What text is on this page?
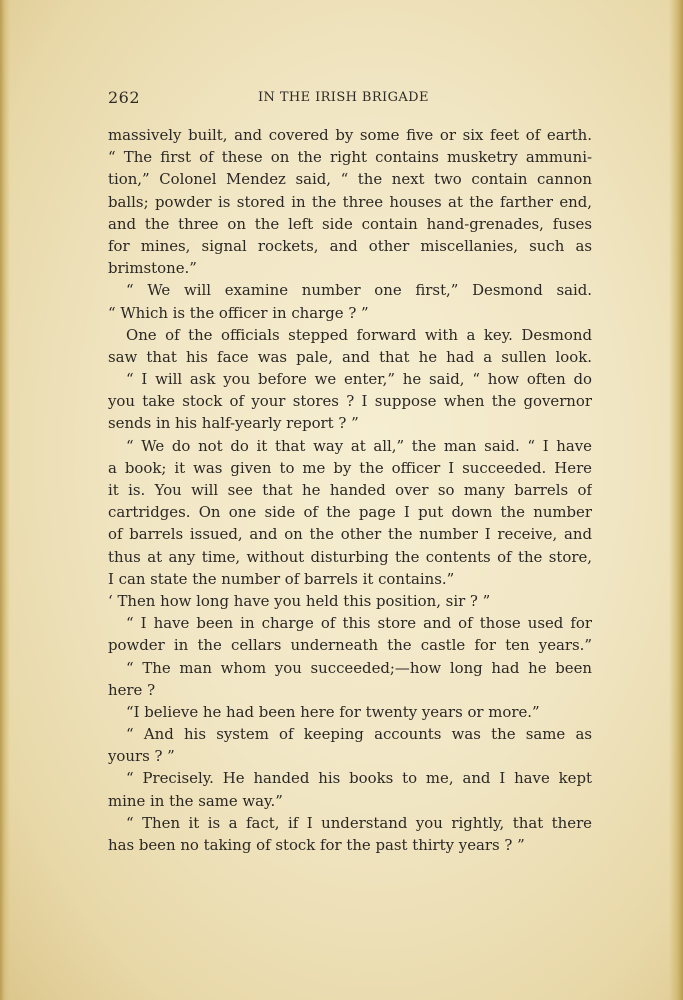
262	IN THE IRISH BRIGADE
massively built, and covered by some five or six feet of earth.
“ The first of these on the right contains musketry ammuni-
tion,” Colonel Mendez said, “ the next two contain cannon
balls; powder is stored in the three houses at the farther end,
and the three on the left side contain hand-grenades, fuses
for mines, signal rockets, and other miscellanies, such as
brimstone.”
“ We will examine number one first,” Desmond said.
“ Which is the officer in charge ? ”
One of the officials stepped forward with a key. Desmond
saw that his face was pale, and that he had a sullen look.
“ I will ask you before we enter,” he said, “ how often do
you take stock of your stores ? I suppose when the governor
sends in his half-yearly report ? ”
“ We do not do it that way at all,” the man said. “ I have
a book; it was given to me by the officer I succeeded. Here
it is. You will see that he handed over so many barrels of
cartridges. On one side of the page I put down the number
of barrels issued, and on the other the number I receive, and
thus at any time, without disturbing the contents of the store,
I can state the number of barrels it contains.”
‘ Then how long have you held this position, sir ? ”
“ I have been in charge of this store and of those used for
powder in the cellars underneath the castle for ten years.”
“ The man whom you succeeded;—how long had he been
here ?
“I believe he had been here for twenty years or more.”
“ And his system of keeping accounts was the same as
yours ? ”
“ Precisely. He handed his books to me, and I have kept
mine in the same way.”
“ Then it is a fact, if I understand you rightly, that there
has been no taking of stock for the past thirty years ? ”
